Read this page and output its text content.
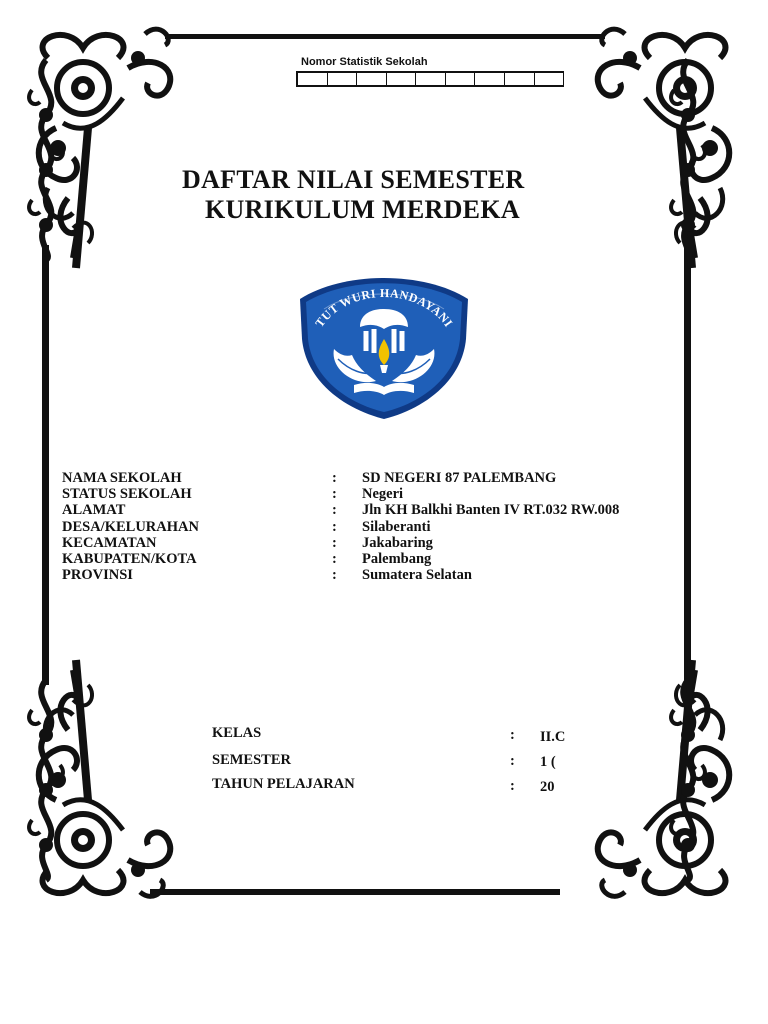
Nomor Statistik Sekolah
DAFTAR NILAI SEMESTER
KURIKULUM MERDEKA
KELAS	: II.C
SEMESTER	: 1 (
TAHUN PELAJARAN	: 20
TUT WURI HANDAYANI
NAMA SEKOLAH	: SD NEGERI 87 PALEMBANG
STATUS SEKOLAH	: Negeri
ALAMAT	: Jln KH Balkhi Banten IV RT.032 RW.008
DESA/KELURAHAN	: Silaberanti
KECAMATAN	: Jakabaring
KABUPATEN/KOTA	: Palembang
PROVINSI	: Sumatera Selatan
